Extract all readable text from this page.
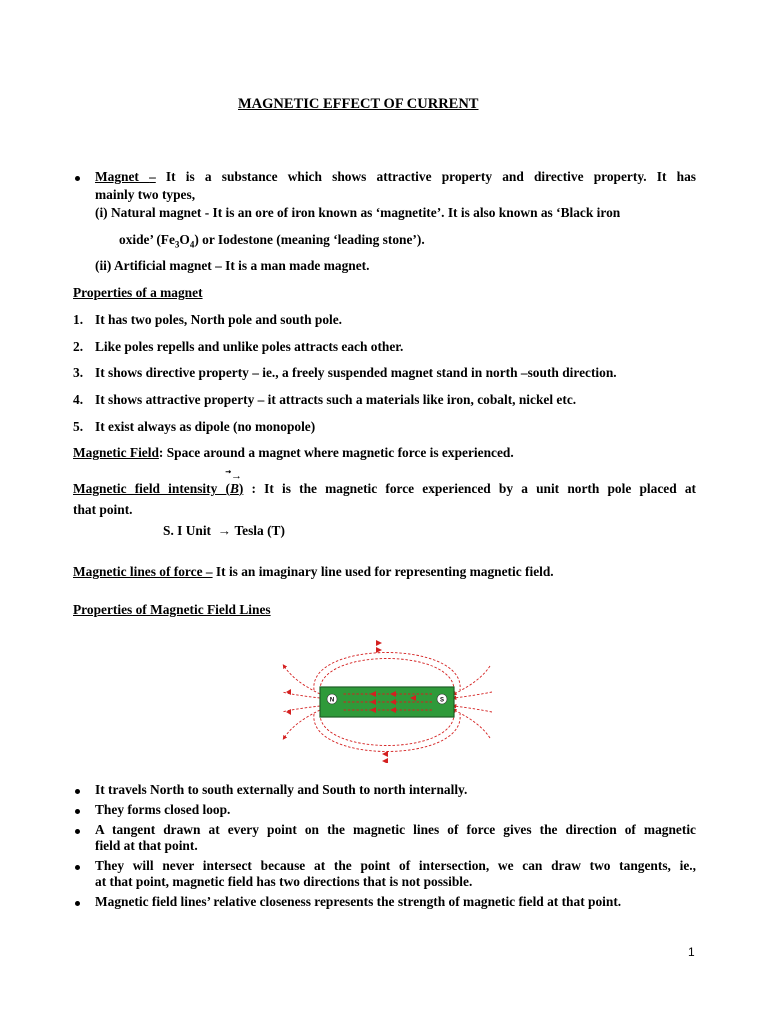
MAGNETIC EFFECT OF CURRENT
Magnet – It is a substance which shows attractive property and directive property. It has
mainly two types,
(i) Natural magnet - It is an ore of iron known as ‘magnetite’. It is also known as ‘Black iron
oxide’ $(Fe_3O_4)$ or Iodestone (meaning ‘leading stone’).
(ii) Artificial magnet – It is a man made magnet.
Properties of a magnet
1. It has two poles, North pole and south pole.
2. Like poles repells and unlike poles attracts each other.
3. It shows directive property – ie., a freely suspended magnet stand in north –south direction.
4. It shows attractive property – it attracts such a materials like iron, cobalt, nickel etc.
5. It exist always as dipole (no monopole)
Magnetic Field: Space around a magnet where magnetic force is experienced.
Magnetic field intensity (
⃗→
B) : It is the magnetic force experienced by a unit north pole placed at
that point.
S. I Unit → Tesla (T)
Magnetic lines of force – It is an imaginary line used for representing magnetic field.
Properties of Magnetic Field Lines
N	S
It travels North to south externally and South to north internally.
They forms closed loop.
A tangent drawn at every point on the magnetic lines of force gives the direction of magnetic
field at that point.
They will never intersect because at the point of intersection, we can draw two tangents, ie.,
at that point, magnetic field has two directions that is not possible.
Magnetic field lines’ relative closeness represents the strength of magnetic field at that point.
1
